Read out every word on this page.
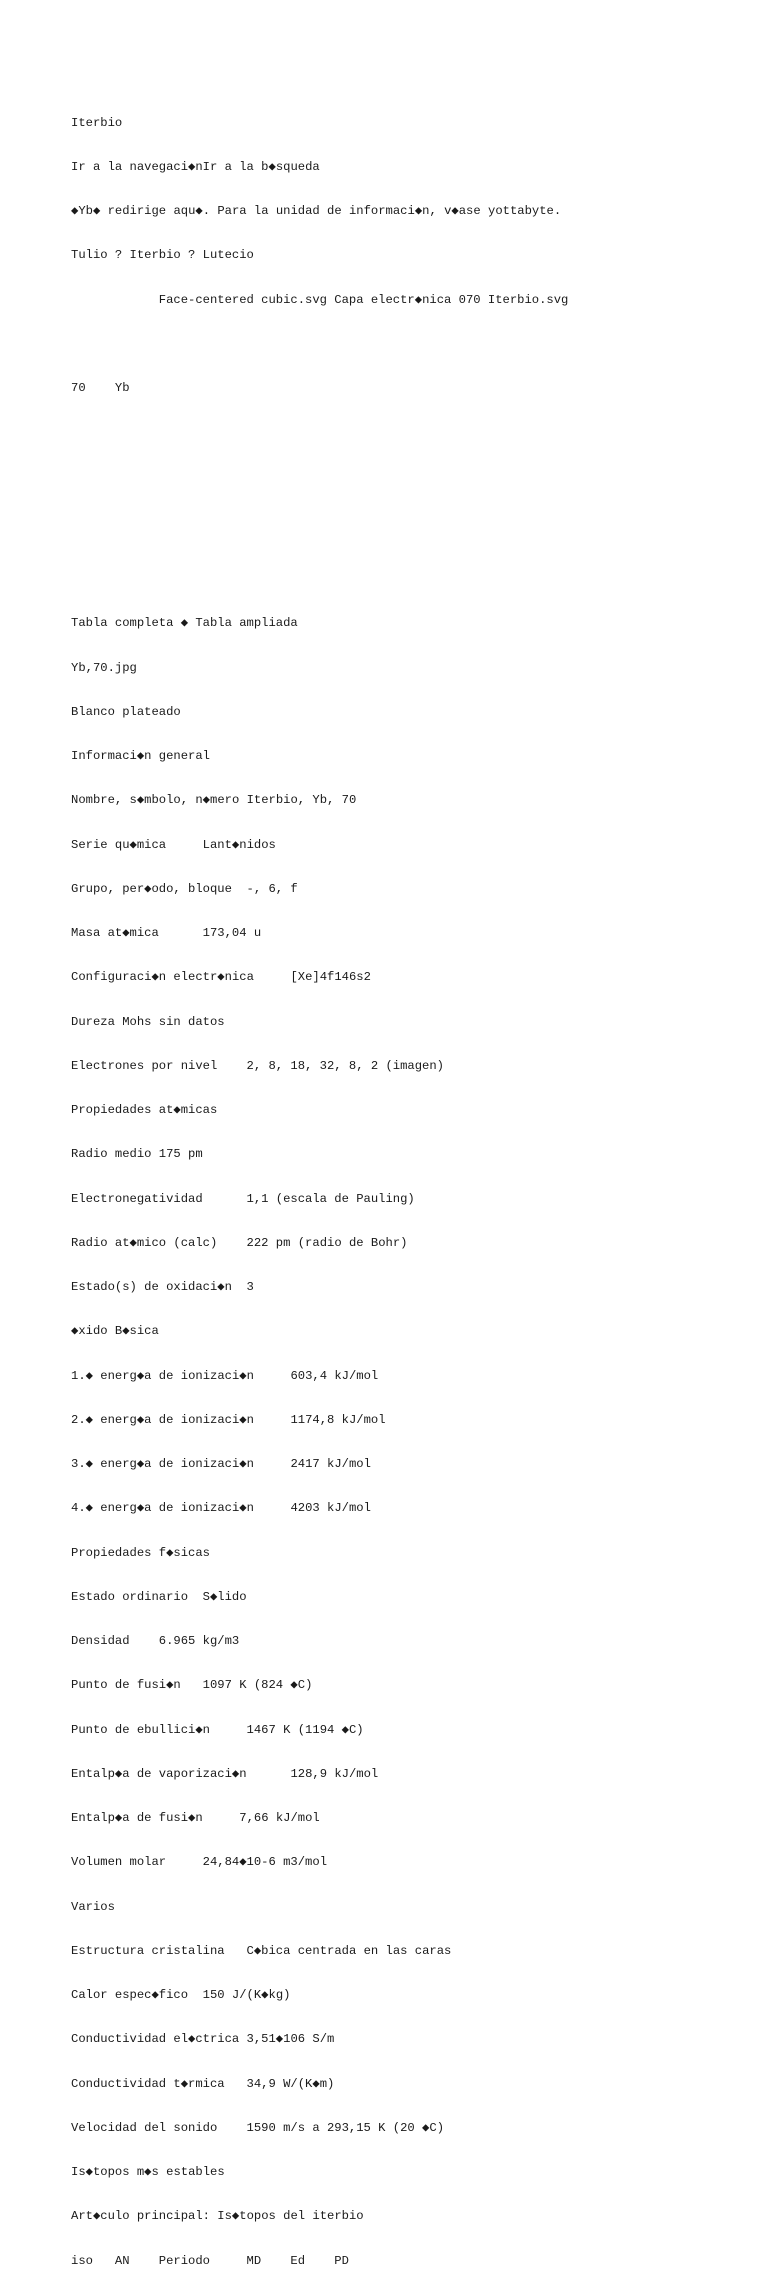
Iterbio

Ir a la navegaci◆nIr a la b◆squeda

◆Yb◆ redirige aqu◆. Para la unidad de informaci◆n, v◆ase yottabyte.

Tulio ? Iterbio ? Lutecio

Face-centered cubic.svg Capa electr◆nica 070 Iterbio.svg

70    Yb

Tabla completa ◆ Tabla ampliada

Yb,70.jpg

Blanco plateado

Informaci◆n general

Nombre, s◆mbolo, n◆mero Iterbio, Yb, 70

Serie qu◆mica     Lant◆nidos

Grupo, per◆odo, bloque  -, 6, f

Masa at◆mica      173,04 u

Configuraci◆n electr◆nica     [Xe]4f146s2

Dureza Mohs sin datos

Electrones por nivel    2, 8, 18, 32, 8, 2 (imagen)

Propiedades at◆micas

Radio medio 175 pm

Electronegatividad      1,1 (escala de Pauling)

Radio at◆mico (calc)    222 pm (radio de Bohr)

Estado(s) de oxidaci◆n  3

◆xido B◆sica

1.◆ energ◆a de ionizaci◆n     603,4 kJ/mol

2.◆ energ◆a de ionizaci◆n     1174,8 kJ/mol

3.◆ energ◆a de ionizaci◆n     2417 kJ/mol

4.◆ energ◆a de ionizaci◆n     4203 kJ/mol

Propiedades f◆sicas

Estado ordinario  S◆lido

Densidad    6.965 kg/m3

Punto de fusi◆n   1097 K (824 ◆C)

Punto de ebullici◆n     1467 K (1194 ◆C)

Entalp◆a de vaporizaci◆n      128,9 kJ/mol

Entalp◆a de fusi◆n     7,66 kJ/mol

Volumen molar     24,84◆10-6 m3/mol

Varios

Estructura cristalina   C◆bica centrada en las caras

Calor espec◆fico  150 J/(K◆kg)

Conductividad el◆ctrica 3,51◆106 S/m

Conductividad t◆rmica   34,9 W/(K◆m)

Velocidad del sonido    1590 m/s a 293,15 K (20 ◆C)

Is◆topos m◆s estables

Art◆culo principal: Is◆topos del iterbio

iso   AN    Periodo     MD    Ed    PD
